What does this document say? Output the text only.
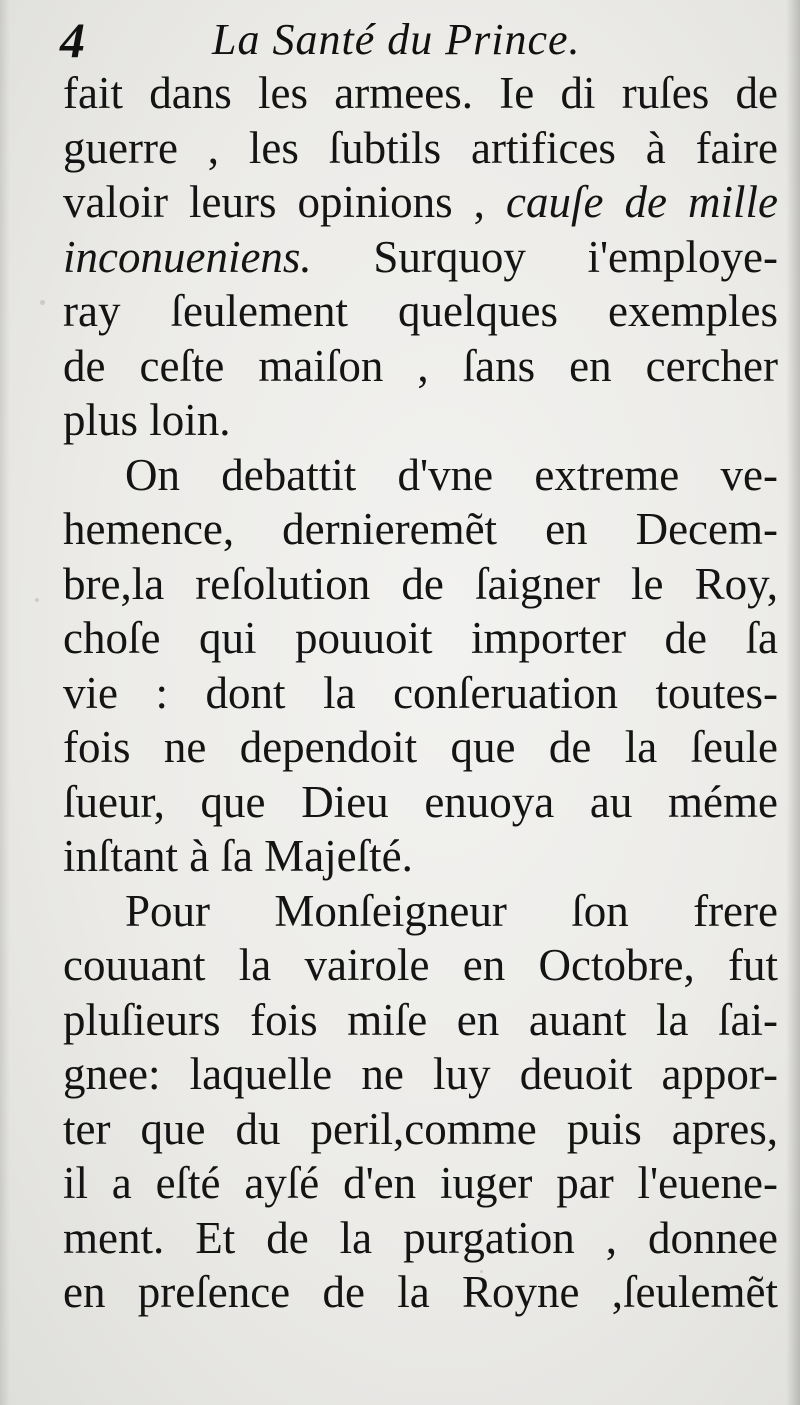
4	La Santé du Prince.
fait dans les armees. Ie di ruſes de
guerre , les ſubtils artifices à faire
valoir leurs opinions , cauſe de mille
inconueniens. Surquoy i'employe-
ray ſeulement quelques exemples
de ceſte maiſon , ſans en cercher
plus loin.
On debattit d'vne extreme ve-
hemence, dernieremẽt en Decem-
bre,la reſolution de ſaigner le Roy,
choſe qui pouuoit importer de ſa
vie : dont la conſeruation toutes-
fois ne dependoit que de la ſeule
ſueur, que Dieu enuoya au méme
inſtant à ſa Majeſté.
Pour Monſeigneur ſon frere
couuant la vairole en Octobre, fut
pluſieurs fois miſe en auant la ſai-
gnee: laquelle ne luy deuoit appor-
ter que du peril,comme puis apres,
il a eſté ayſé d'en iuger par l'euene-
ment. Et de la purgation , donnee
en preſence de la Royne ,ſeulemẽt
